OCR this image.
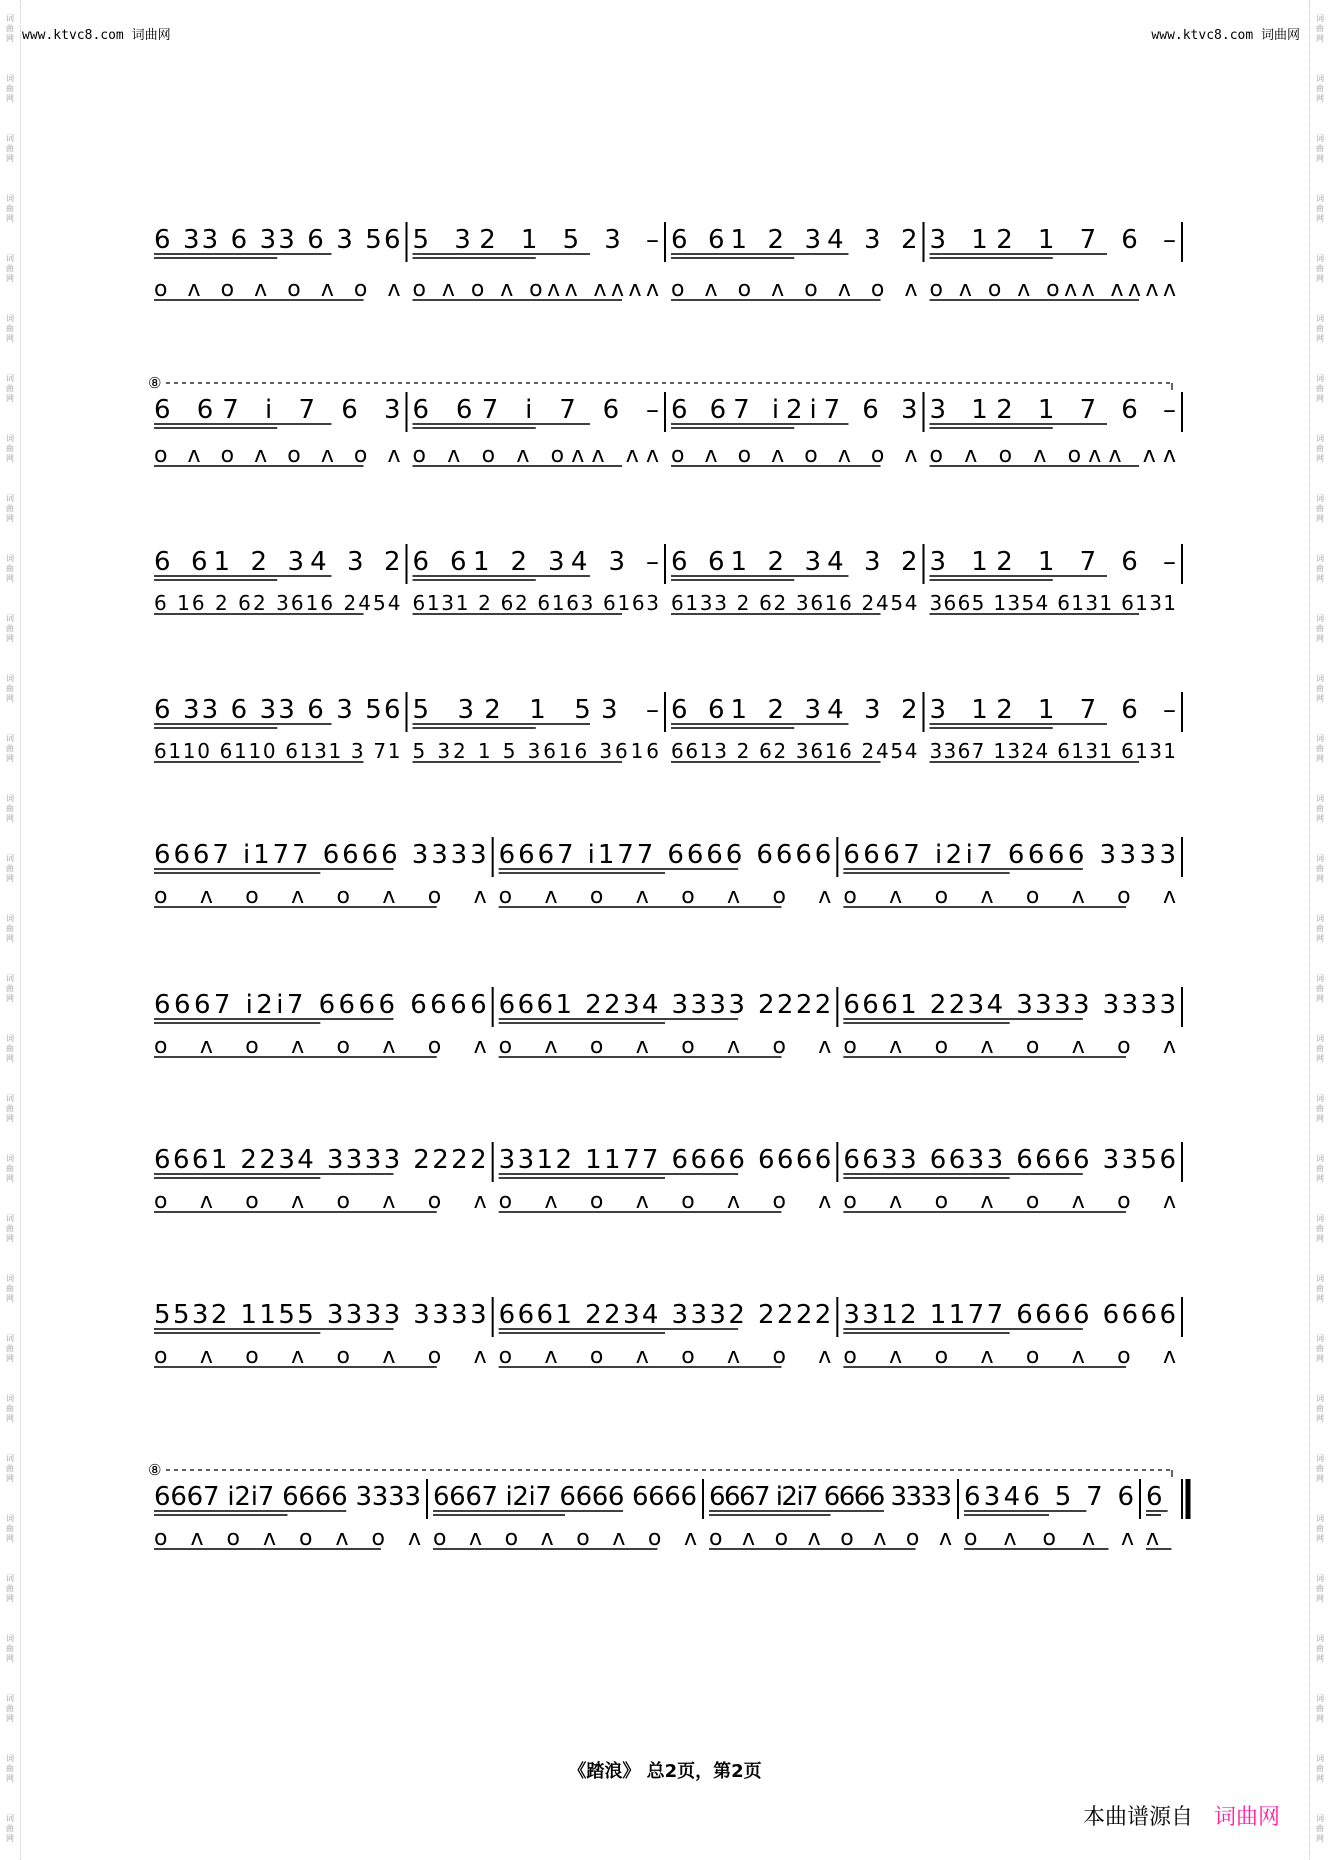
词
曲
网
词
曲
网
词
曲
网
词
曲
网
词
曲
网
词
曲
网
词
曲
网
词
曲
网
词
曲
网
词
曲
网
词
曲
网
词
曲
网
词
曲
网
词
曲
网
词
曲
网
词
曲
网
词
曲
网
词
曲
网
词
曲
网
词
曲
网
词
曲
网
词
曲
网
词
曲
网
词
曲
网
词
曲
网
词
曲
网
词
曲
网
词
曲
网
词
曲
网
词
曲
网
词
曲
网
词
曲
网
词
曲
网
词
曲
网
词
曲
网
词
曲
网
词
曲
网
词
曲
网
词
曲
网
词
曲
网
词
曲
网
词
曲
网
词
曲
网
词
曲
网
词
曲
网
词
曲
网
词
曲
网
词
曲
网
词
曲
网
词
曲
网
词
曲
网
词
曲
网
词
曲
网
词
曲
网
词
曲
网
词
曲
网
词
曲
网
词
曲
网
词
曲
网
词
曲
网
词
曲
网
词
曲
网
www.ktvc8.com 词曲网	www.ktvc8.com 词曲网
6 33 6 33 6 3 56
o ʌ o ʌ o ʌ o ʌ
5 32 1 5 3 –
o ʌ o ʌ oʌʌ ʌʌʌʌ
6 61 2 34 3 2
o ʌ o ʌ o ʌ o ʌ
3 12 1 7 6 –
o ʌ o ʌ oʌʌ ʌʌʌʌ
⑧
6 67 i 7 6 3
o ʌ o ʌ o ʌ o ʌ
6 67 i 7 6 –
o ʌ o ʌ oʌʌ ʌʌ
6 67 i2i7 6 3
o ʌ o ʌ o ʌ o ʌ
3 12 1 7 6 –
o ʌ o ʌ oʌʌ ʌʌ
6 61 2 34 3 2
6 16 2 62 3616 2454
6 61 2 34 3 –
6131 2 62 6163 6163
6 61 2 34 3 2
6133 2 62 3616 2454
3 12 1 7 6 –
3665 1354 6131 6131
6 33 6 33 6 3 56
6110 6110 6131 3 71
5 32 1 53 –
5 32 1 5 3616 3616
6 61 2 34 3 2
6613 2 62 3616 2454
3 12 1 7 6 –
3367 1324 6131 6131
6667 i177 6666 3333
o ʌ o ʌ o ʌ o ʌ
6667 i177 6666 6666
o ʌ o ʌ o ʌ o ʌ
6667 i2i7 6666 3333
o ʌ o ʌ o ʌ o ʌ
6667 i2i7 6666 6666
o ʌ o ʌ o ʌ o ʌ
6661 2234 3333 2222
o ʌ o ʌ o ʌ o ʌ
6661 2234 3333 3333
o ʌ o ʌ o ʌ o ʌ
6661 2234 3333 2222
o ʌ o ʌ o ʌ o ʌ
3312 1177 6666 6666
o ʌ o ʌ o ʌ o ʌ
6633 6633 6666 3356
o ʌ o ʌ o ʌ o ʌ
5532 1155 3333 3333
o ʌ o ʌ o ʌ o ʌ
6661 2234 3332 2222
o ʌ o ʌ o ʌ o ʌ
3312 1177 6666 6666
o ʌ o ʌ o ʌ o ʌ
⑧
6667 i2i7 6666 3333
o ʌ o ʌ o ʌ o ʌ
6667 i2i7 6666 6666
o ʌ o ʌ o ʌ o ʌ
6667 i2i7 6666 3333
o ʌ o ʌ o ʌ o ʌ
6346 5 7 6
o ʌ o ʌ ʌ
6
ʌ
《踏浪》 总2页，第2页
本曲谱源自 词曲网
